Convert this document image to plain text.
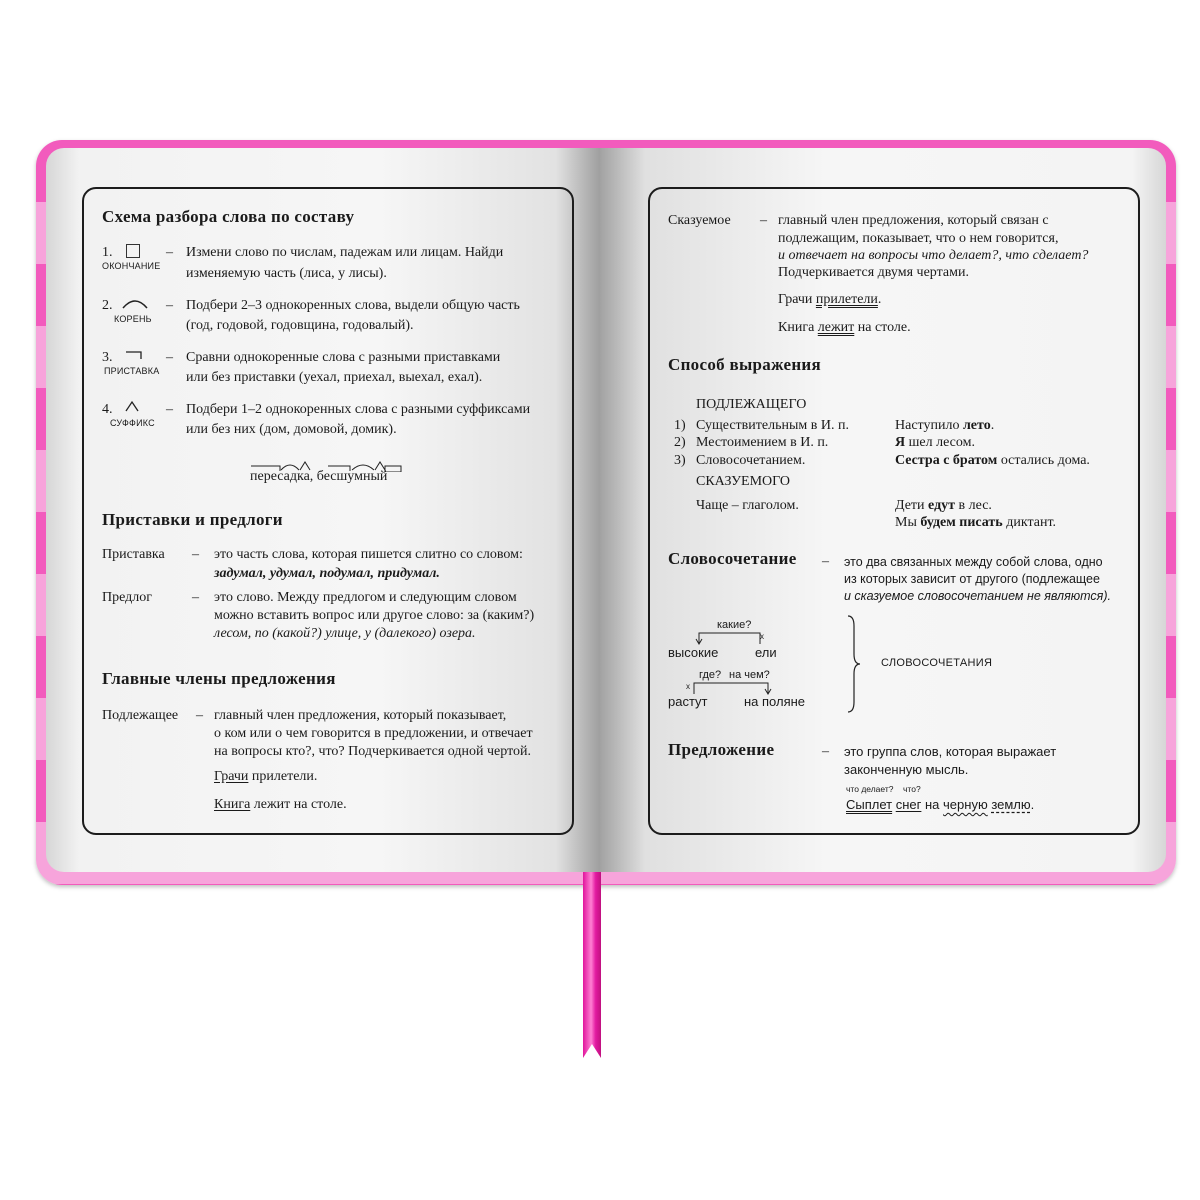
Схема разбора слова по составу
1.
ОКОНЧАНИЕ
– Измени слово по числам, падежам или лицам. Найди
изменяемую часть (лиса, у лисы).
2.
КОРЕНЬ
– Подбери 2–3 однокоренных слова, выдели общую часть
(год, годовой, годовщина, годовалый).
3.
ПРИСТАВКА
– Сравни однокоренные слова с разными приставками
или без приставки (уехал, приехал, выехал, ехал).
4.
СУФФИКС
– Подбери 1–2 однокоренных слова с разными суффиксами
или без них (дом, домовой, домик).
пересадка, бесшумный
Приставки и предлоги
Приставка – это часть слова, которая пишется слитно со словом:
задумал, удумал, подумал, придумал.
Предлог	– это слово. Между предлогом и следующим словом
можно вставить вопрос или другое слово: за (каким?)
лесом, по (какой?) улице, у (далекого) озера.
Главные члены предложения
Подлежащее – главный член предложения, который показывает,
о ком или о чем говорится в предложении, и отвечает
на вопросы кто?, что? Подчеркивается одной чертой.
Грачи прилетели.
Книга лежит на столе.
Сказуемое – главный член предложения, который связан с
подлежащим, показывает, что о нем говорится,
и отвечает на вопросы что делает?, что сделает?
Подчеркивается двумя чертами.
Грачи прилетели.
Книга лежит на столе.
Способ выражения
ПОДЛЕЖАЩЕГО
1) Существительным в И. п.	Наступило лето.
2) Местоимением в И. п.	Я шел лесом.
3) Словосочетанием.	Сестра с братом остались дома.
СКАЗУЕМОГО
Чаще – глаголом.	Дети едут в лес.
Мы будем писать диктант.
Словосочетание – это два связанных между собой слова, одно
из которых зависит от другого (подлежащее
и сказуемое словосочетанием не являются).
какие?
x
высокие	ели
где? на чем?
x
растут	на поляне
СЛОВОСОЧЕТАНИЯ
Предложение	– это группа слов, которая выражает
законченную мысль.
что делает? что?
Сыплет снег на черную землю.
